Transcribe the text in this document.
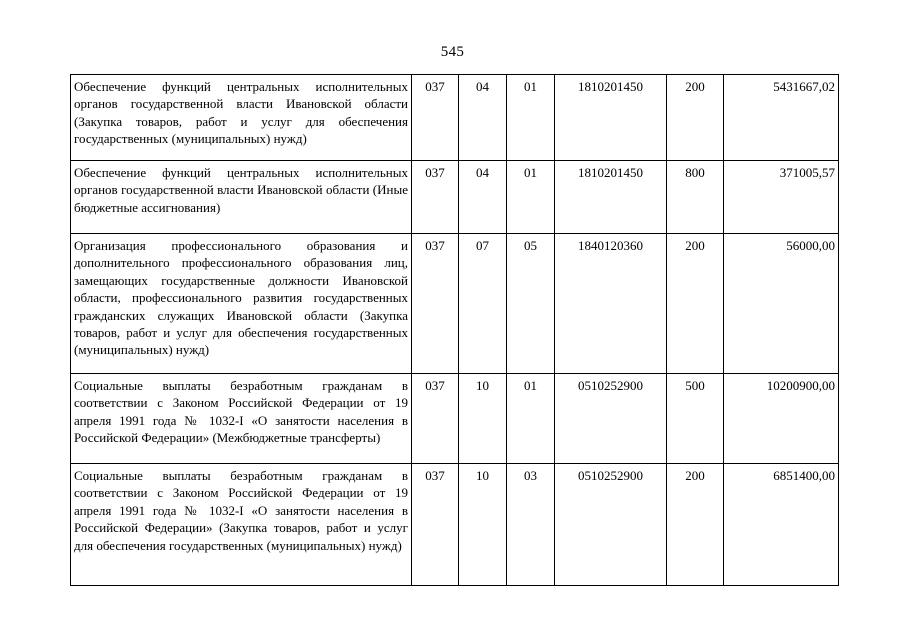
545
Обеспечение функций центральных исполнительных органов государственной власти Ивановской области (Закупка товаров, работ и услуг для обеспечения государственных (муниципальных) нужд)	037	04	01	1810201450	200	5431667,02
Обеспечение функций центральных исполнительных органов государственной власти Ивановской области (Иные бюджетные ассигнования)	037	04	01	1810201450	800	371005,57
Организация профессионального образования и дополнительного профессионального образования лиц, замещающих государственные должности Ивановской области, профессионального развития государственных гражданских служащих Ивановской области (Закупка товаров, работ и услуг для обеспечения государственных (муниципальных) нужд)	037	07	05	1840120360	200	56000,00
Социальные выплаты безработным гражданам в соответствии с Законом Российской Федерации от 19 апреля 1991 года № 1032-I «О занятости населения в Российской Федерации» (Межбюджетные трансферты)	037	10	01	0510252900	500	10200900,00
Социальные выплаты безработным гражданам в соответствии с Законом Российской Федерации от 19 апреля 1991 года № 1032-I «О занятости населения в Российской Федерации» (Закупка товаров, работ и услуг для обеспечения государственных (муниципальных) нужд)	037	10	03	0510252900	200	6851400,00
